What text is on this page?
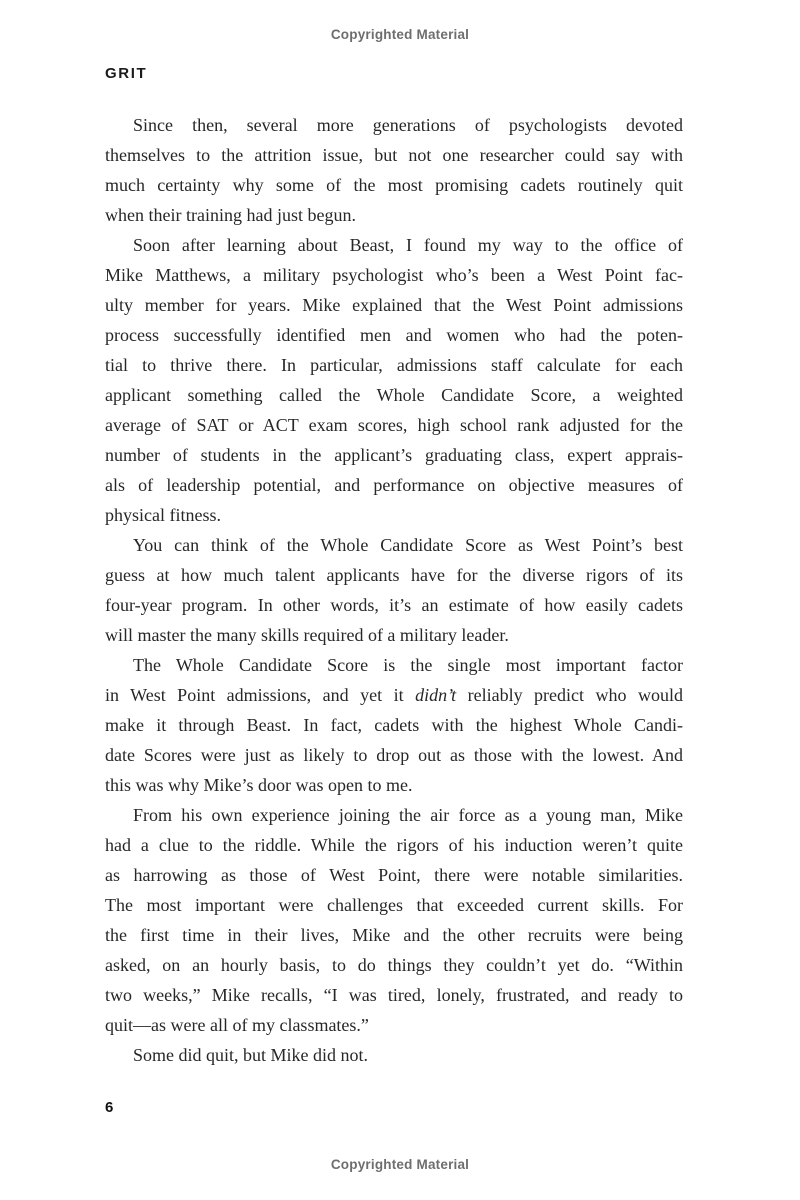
Copyrighted Material
GRIT
Since then, several more generations of psychologists devoted
themselves to the attrition issue, but not one researcher could say with
much certainty why some of the most promising cadets routinely quit
when their training had just begun.
Soon after learning about Beast, I found my way to the office of
Mike Matthews, a military psychologist who’s been a West Point fac-
ulty member for years. Mike explained that the West Point admissions
process successfully identified men and women who had the poten-
tial to thrive there. In particular, admissions staff calculate for each
applicant something called the Whole Candidate Score, a weighted
average of SAT or ACT exam scores, high school rank adjusted for the
number of students in the applicant’s graduating class, expert apprais-
als of leadership potential, and performance on objective measures of
physical fitness.
You can think of the Whole Candidate Score as West Point’s best
guess at how much talent applicants have for the diverse rigors of its
four-year program. In other words, it’s an estimate of how easily cadets
will master the many skills required of a military leader.
The Whole Candidate Score is the single most important factor
in West Point admissions, and yet it didn’t reliably predict who would
make it through Beast. In fact, cadets with the highest Whole Candi-
date Scores were just as likely to drop out as those with the lowest. And
this was why Mike’s door was open to me.
From his own experience joining the air force as a young man, Mike
had a clue to the riddle. While the rigors of his induction weren’t quite
as harrowing as those of West Point, there were notable similarities.
The most important were challenges that exceeded current skills. For
the first time in their lives, Mike and the other recruits were being
asked, on an hourly basis, to do things they couldn’t yet do. “Within
two weeks,” Mike recalls, “I was tired, lonely, frustrated, and ready to
quit—as were all of my classmates.”
Some did quit, but Mike did not.
6
Copyrighted Material
